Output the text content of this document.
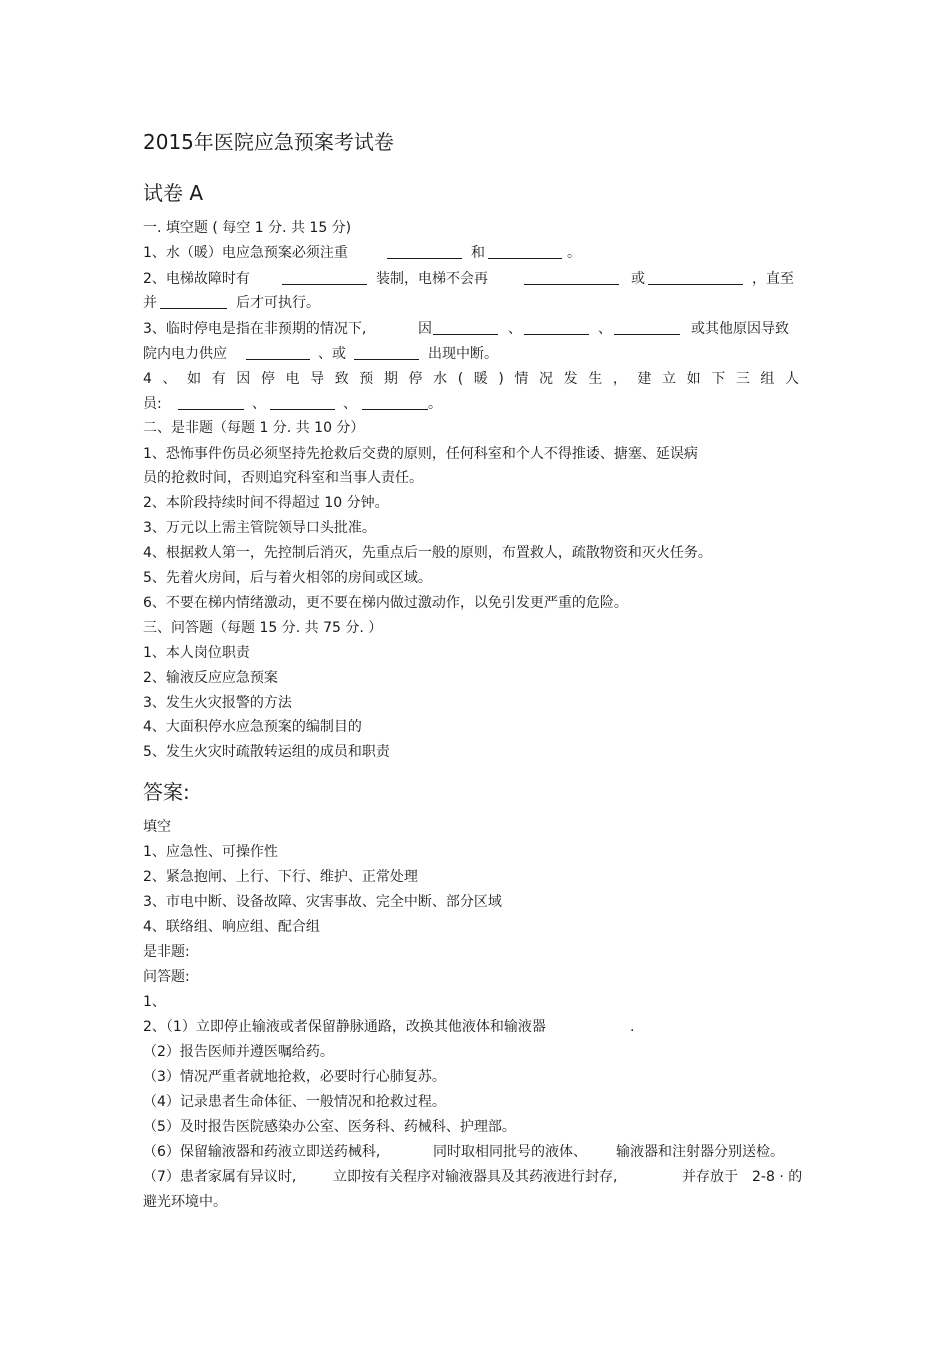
2015年医院应急预案考试卷
试卷 A
一. 填空题 ( 每空 1 分. 共 15 分)
1、水（暖）电应急预案必须注重	和	。
2、电梯故障时有	装制，电梯不会再	或	，直至
并	后才可执行。
3、临时停电是指在非预期的情况下,	因	、	、	或其他原因导致
院内电力供应	、或	出现中断。
4、如有因停电导致预期停水(暖)情况发生，建立如下三组人
员:	、	、	。
二、是非题（每题 1 分. 共 10 分）
1、恐怖事件伤员必须坚持先抢救后交费的原则，任何科室和个人不得推诿、搪塞、延误病
员的抢救时间，否则追究科室和当事人责任。
2、本阶段持续时间不得超过 10 分钟。
3、万元以上需主管院领导口头批准。
4、根据救人第一，先控制后消灭，先重点后一般的原则，布置救人，疏散物资和灭火任务。
5、先着火房间，后与着火相邻的房间或区域。
6、不要在梯内情绪激动，更不要在梯内做过激动作，以免引发更严重的危险。
三、问答题（每题 15 分. 共 75 分. ）
1、本人岗位职责
2、输液反应应急预案
3、发生火灾报警的方法
4、大面积停水应急预案的编制目的
5、发生火灾时疏散转运组的成员和职责
答案:
填空
1、应急性、可操作性
2、紧急抱闸、上行、下行、维护、正常处理
3、市电中断、设备故障、灾害事故、完全中断、部分区域
4、联络组、响应组、配合组
是非题:
问答题:
1、
2、（1）立即停止输液或者保留静脉通路，改换其他液体和输液器	.
（2）报告医师并遵医嘱给药。
（3）情况严重者就地抢救，必要时行心肺复苏。
（4）记录患者生命体征、一般情况和抢救过程。
（5）及时报告医院感染办公室、医务科、药械科、护理部。
（6）保留输液器和药液立即送药械科,	同时取相同批号的液体、 输液器和注射器分别送检。
（7）患者家属有异议时,	立即按有关程序对输液器具及其药液进行封存,	并存放于 2-8 · 的
避光环境中。
